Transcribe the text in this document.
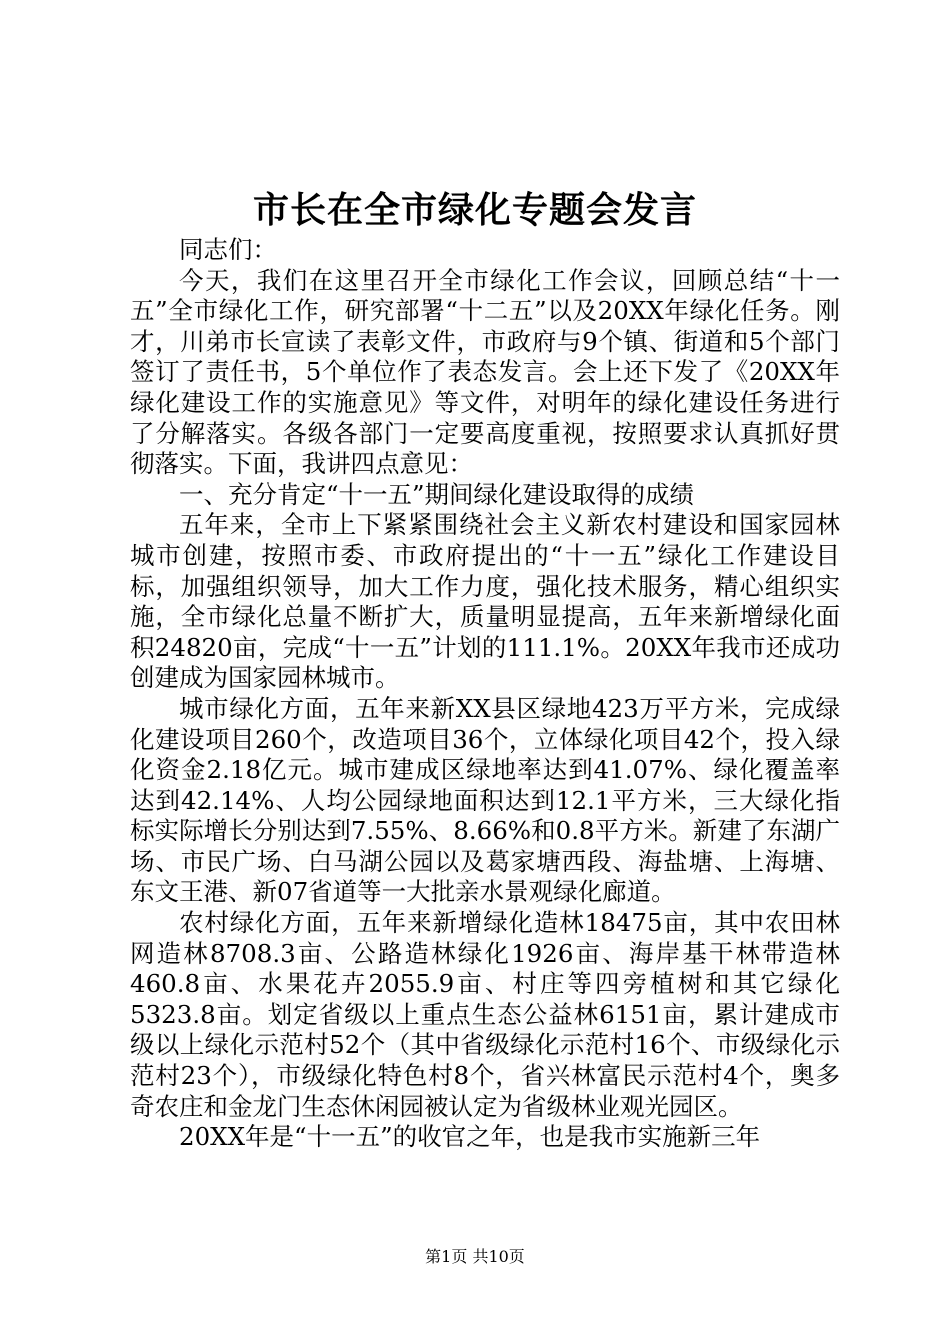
市长在全市绿化专题会发言

同志们：

今天，我们在这里召开全市绿化工作会议，回顾总结“十一五”全市绿化工作，研究部署“十二五”以及20XX年绿化任务。刚才，川弟市长宣读了表彰文件，市政府与9个镇、街道和5个部门签订了责任书，5个单位作了表态发言。会上还下发了《20XX年绿化建设工作的实施意见》等文件，对明年的绿化建设任务进行了分解落实。各级各部门一定要高度重视，按照要求认真抓好贯彻落实。下面，我讲四点意见：

一、充分肯定“十一五”期间绿化建设取得的成绩

五年来，全市上下紧紧围绕社会主义新农村建设和国家园林城市创建，按照市委、市政府提出的“十一五”绿化工作建设目标，加强组织领导，加大工作力度，强化技术服务，精心组织实施，全市绿化总量不断扩大，质量明显提高，五年来新增绿化面积24820亩，完成“十一五”计划的111.1%。20XX年我市还成功创建成为国家园林城市。

城市绿化方面，五年来新XX县区绿地423万平方米，完成绿化建设项目260个，改造项目36个，立体绿化项目42个，投入绿化资金2.18亿元。城市建成区绿地率达到41.07%、绿化覆盖率达到42.14%、人均公园绿地面积达到12.1平方米，三大绿化指标实际增长分别达到7.55%、8.66%和0.8平方米。新建了东湖广场、市民广场、白马湖公园以及葛家塘西段、海盐塘、上海塘、东文王港、新07省道等一大批亲水景观绿化廊道。

农村绿化方面，五年来新增绿化造林18475亩，其中农田林网造林8708.3亩、公路造林绿化1926亩、海岸基干林带造林460.8亩、水果花卉2055.9亩、村庄等四旁植树和其它绿化5323.8亩。划定省级以上重点生态公益林6151亩，累计建成市级以上绿化示范村52个（其中省级绿化示范村16个、市级绿化示范村23个），市级绿化特色村8个，省兴林富民示范村4个，奥多奇农庄和金龙门生态休闲园被认定为省级林业观光园区。

20XX年是“十一五”的收官之年，也是我市实施新三年

第1页 共10页
